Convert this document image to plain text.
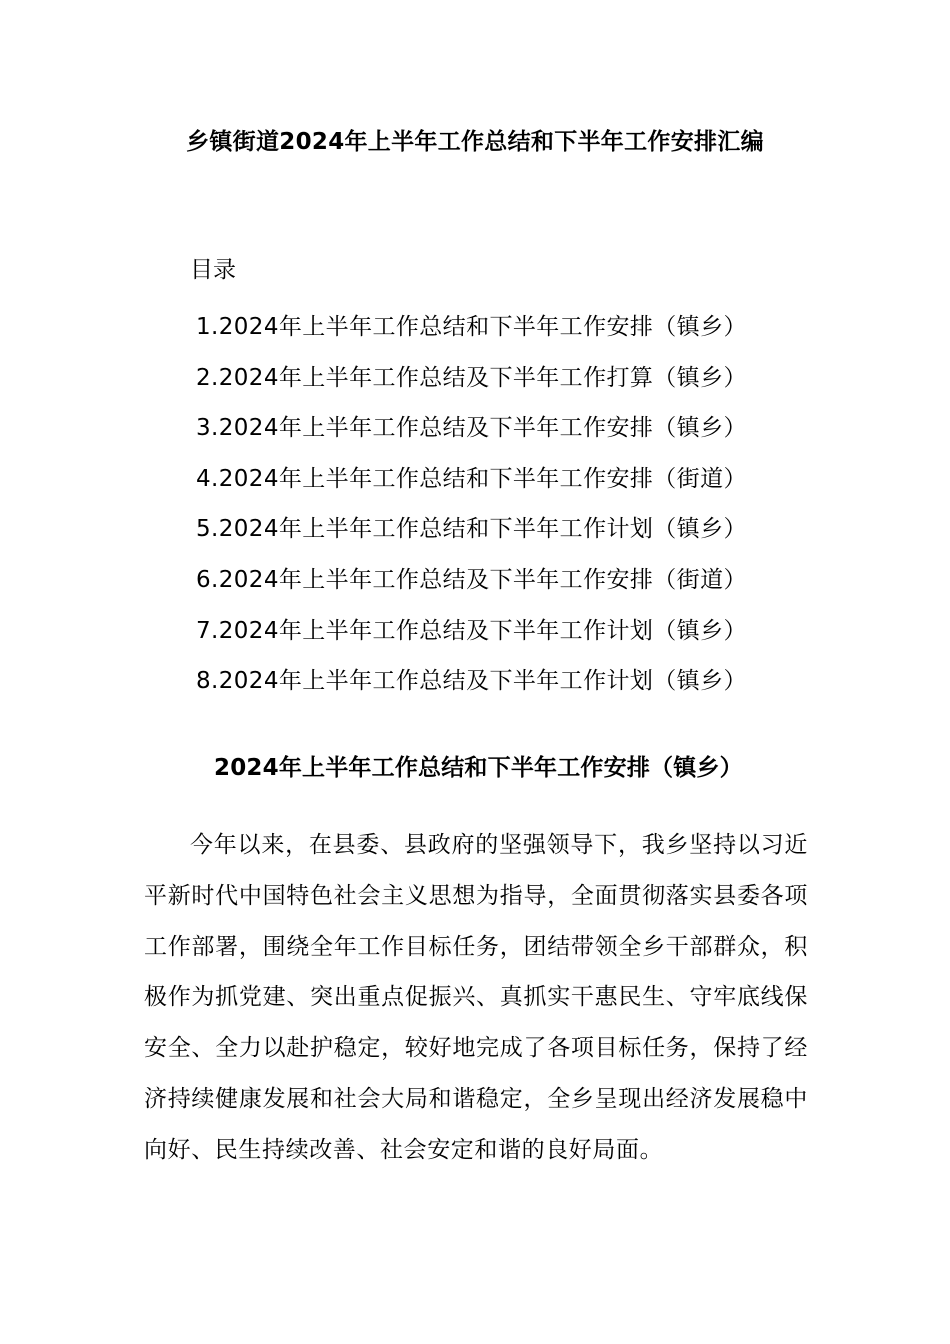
乡镇街道2024年上半年工作总结和下半年工作安排汇编
目录
1.2024年上半年工作总结和下半年工作安排（镇乡）
2.2024年上半年工作总结及下半年工作打算（镇乡）
3.2024年上半年工作总结及下半年工作安排（镇乡）
4.2024年上半年工作总结和下半年工作安排（街道）
5.2024年上半年工作总结和下半年工作计划（镇乡）
6.2024年上半年工作总结及下半年工作安排（街道）
7.2024年上半年工作总结及下半年工作计划（镇乡）
8.2024年上半年工作总结及下半年工作计划（镇乡）
2024年上半年工作总结和下半年工作安排（镇乡）

今年以来，在县委、县政府的坚强领导下，我乡坚持以习近平新时代中国特色社会主义思想为指导，全面贯彻落实县委各项工作部署，围绕全年工作目标任务，团结带领全乡干部群众，积极作为抓党建、突出重点促振兴、真抓实干惠民生、守牢底线保安全、全力以赴护稳定，较好地完成了各项目标任务，保持了经济持续健康发展和社会大局和谐稳定，全乡呈现出经济发展稳中向好、民生持续改善、社会安定和谐的良好局面。
